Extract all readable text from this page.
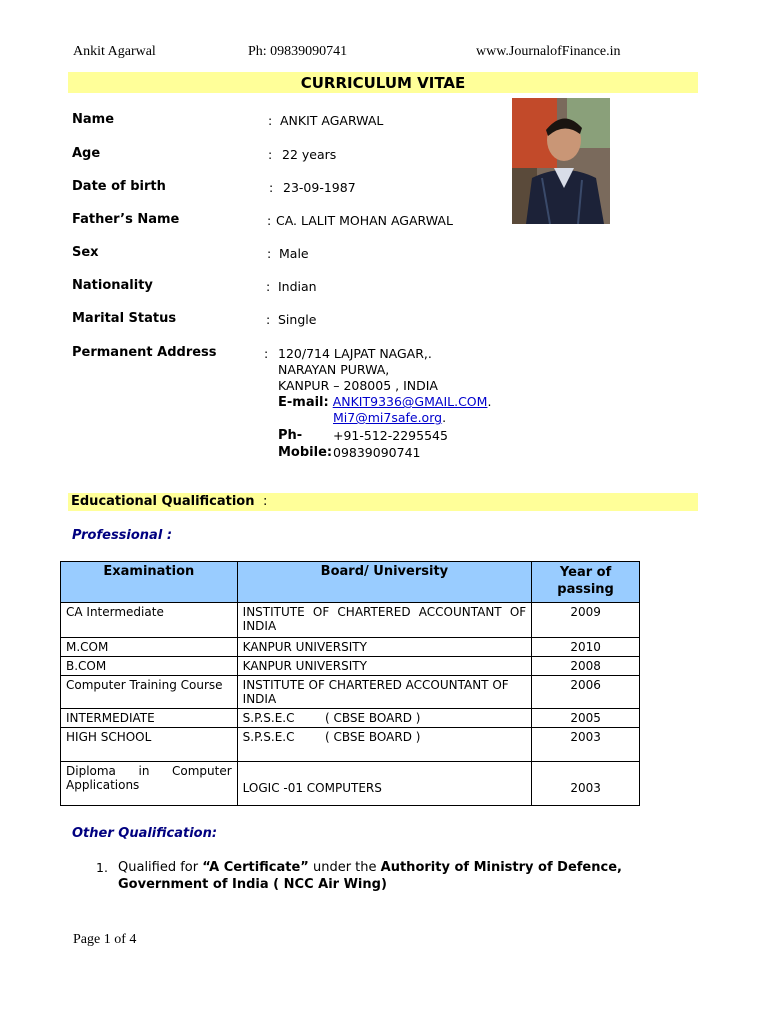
Ankit Agarwal	Ph: 09839090741	www.JournalofFinance.in
CURRICULUM VITAE
Name	: ANKIT AGARWAL
Age	: 22 years
Date of birth	: 23-09-1987
Father’s Name	: CA. LALIT MOHAN AGARWAL
Sex	: Male
Nationality	: Indian
Marital Status	: Single
Permanent Address	: 120/714 LAJPAT NAGAR,.
NARAYAN PURWA,
KANPUR – 208005 , INDIA
E-mail: ANKIT9336@GMAIL.COM.
Mi7@mi7safe.org.
Ph- +91-512-2295545
Mobile: 09839090741
Educational Qualification :
Professional :
Examination	Board/ University	Year of passing
CA Intermediate	INSTITUTE OF CHARTERED ACCOUNTANT OF INDIA	2009
M.COM	KANPUR UNIVERSITY	2010
B.COM	KANPUR UNIVERSITY	2008
Computer Training Course	INSTITUTE OF CHARTERED ACCOUNTANT OF INDIA	2006
INTERMEDIATE	S.P.S.E.C        ( CBSE BOARD )	2005
HIGH SCHOOL	S.P.S.E.C        ( CBSE BOARD )	2003
Diploma in Computer Applications	LOGIC -01 COMPUTERS	2003
Other Qualification:
1. Qualified for “A Certificate” under the Authority of Ministry of Defence, Government of India ( NCC Air Wing)
Page 1 of 4
